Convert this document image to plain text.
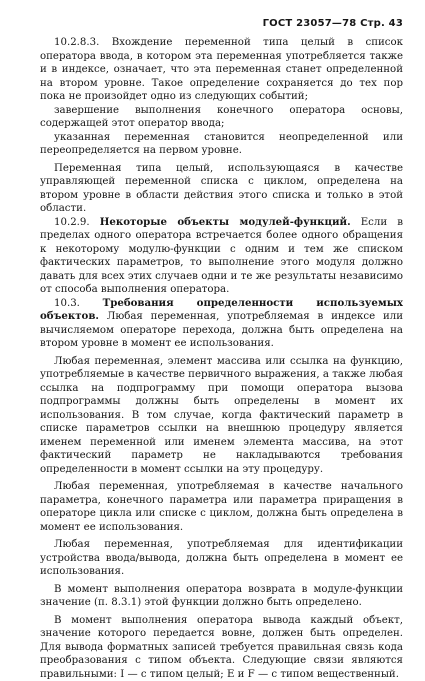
ГОСТ 23057—78 Стр. 43

10.2.8.3. Вхождение переменной типа целый в список оператора ввода, в котором эта переменная употребляется также и в индексе, означает, что эта переменная станет определенной на втором уровне. Такое определение сохраняется до тех пор пока не произойдет одно из следующих событий;

завершение выполнения конечного оператора основы, содержащей этот оператор ввода;

указанная переменная становится неопределенной или переопределяется на первом уровне.

Переменная типа целый, использующаяся в качестве управляющей переменной списка с циклом, определена на втором уровне в области действия этого списка и только в этой области.

10.2.9. Некоторые объекты модулей-функций. Если в пределах одного оператора встречается более одного обращения к некоторому модулю-функции с одним и тем же списком фактических параметров, то выполнение этого модуля должно давать для всех этих случаев одни и те же результаты независимо от способа выполнения оператора.

10.3. Требования определенности используемых объектов. Любая переменная, употребляемая в индексе или вычисляемом операторе перехода, должна быть определена на втором уровне в момент ее использования.

Любая переменная, элемент массива или ссылка на функцию, употребляемые в качестве первичного выражения, а также любая ссылка на подпрограмму при помощи оператора вызова подпрограммы должны быть определены в момент их использования. В том случае, когда фактический параметр в списке параметров ссылки на внешнюю процедуру является именем переменной или именем элемента массива, на этот фактический параметр не накладываются требования определенности в момент ссылки на эту процедуру.

Любая переменная, употребляемая в качестве начального параметра, конечного параметра или параметра приращения в операторе цикла или списке с циклом, должна быть определена в момент ее использования.

Любая переменная, употребляемая для идентификации устройства ввода/вывода, должна быть определена в момент ее использования.

В момент выполнения оператора возврата в модуле-функции значение (п. 8.3.1) этой функции должно быть определено.

В момент выполнения оператора вывода каждый объект, значение которого передается вовне, должен быть определен. Для вывода форматных записей требуется правильная связь кода преобразования с типом объекта. Следующие связи являются правильными: I — с типом целый; E и F — с типом вещественный.
